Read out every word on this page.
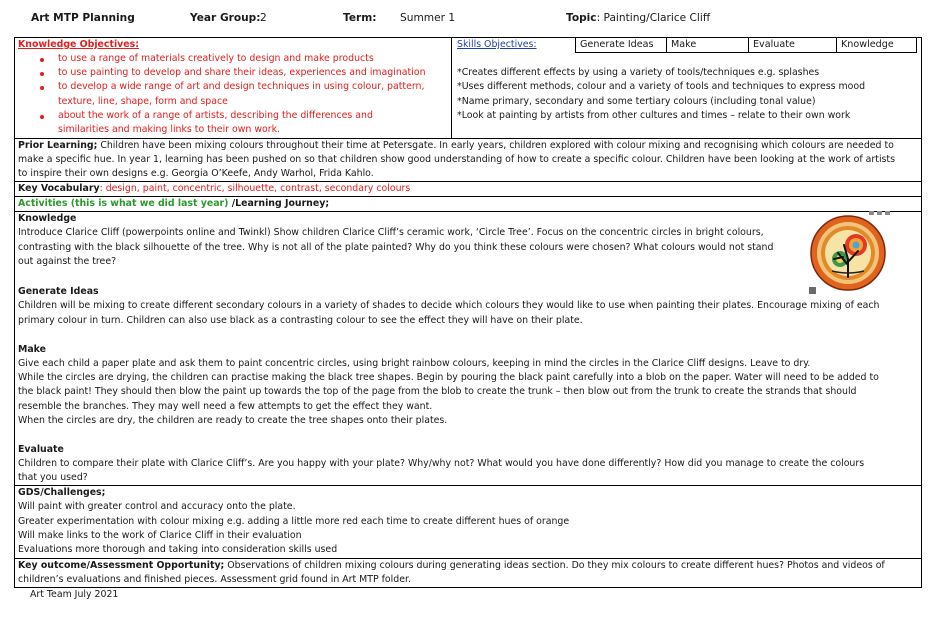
Art MTP Planning	Year Group: 2	Term: Summer 1	Topic: Painting/Clarice Cliff
Knowledge Objectives:
to use a range of materials creatively to design and make products
to use painting to develop and share their ideas, experiences and imagination
to develop a wide range of art and design techniques in using colour, pattern,
texture, line, shape, form and space
about the work of a range of artists, describing the differences and
similarities and making links to their own work.
Skills Objectives:	Generate Ideas	Make	Evaluate	Knowledge
*Creates different effects by using a variety of tools/techniques e.g. splashes
*Uses different methods, colour and a variety of tools and techniques to express mood
*Name primary, secondary and some tertiary colours (including tonal value)
*Look at painting by artists from other cultures and times – relate to their own work
Prior Learning; Children have been mixing colours throughout their time at Petersgate. In early years, children explored with colour mixing and recognising which colours are needed to
make a specific hue. In year 1, learning has been pushed on so that children show good understanding of how to create a specific colour. Children have been looking at the work of artists
to inspire their own designs e.g. Georgia O’Keefe, Andy Warhol, Frida Kahlo.
Key Vocabulary: design, paint, concentric, silhouette, contrast, secondary colours
Activities (this is what we did last year) /Learning Journey;
Knowledge
Introduce Clarice Cliff (powerpoints online and Twinkl) Show children Clarice Cliff’s ceramic work, ‘Circle Tree’. Focus on the concentric circles in bright colours,
contrasting with the black silhouette of the tree. Why is not all of the plate painted? Why do you think these colours were chosen? What colours would not stand
out against the tree?
Generate Ideas
Children will be mixing to create different secondary colours in a variety of shades to decide which colours they would like to use when painting their plates. Encourage mixing of each
primary colour in turn. Children can also use black as a contrasting colour to see the effect they will have on their plate.
Make
Give each child a paper plate and ask them to paint concentric circles, using bright rainbow colours, keeping in mind the circles in the Clarice Cliff designs. Leave to dry.
While the circles are drying, the children can practise making the black tree shapes. Begin by pouring the black paint carefully into a blob on the paper. Water will need to be added to
the black paint! They should then blow the paint up towards the top of the page from the blob to create the trunk – then blow out from the trunk to create the strands that should
resemble the branches. They may well need a few attempts to get the effect they want.
When the circles are dry, the children are ready to create the tree shapes onto their plates.
Evaluate
Children to compare their plate with Clarice Cliff’s. Are you happy with your plate? Why/why not? What would you have done differently? How did you manage to create the colours
that you used?
GDS/Challenges;
Will paint with greater control and accuracy onto the plate.
Greater experimentation with colour mixing e.g. adding a little more red each time to create different hues of orange
Will make links to the work of Clarice Cliff in their evaluation
Evaluations more thorough and taking into consideration skills used
Key outcome/Assessment Opportunity; Observations of children mixing colours during generating ideas section. Do they mix colours to create different hues? Photos and videos of
children’s evaluations and finished pieces. Assessment grid found in Art MTP folder.
Art Team July 2021
